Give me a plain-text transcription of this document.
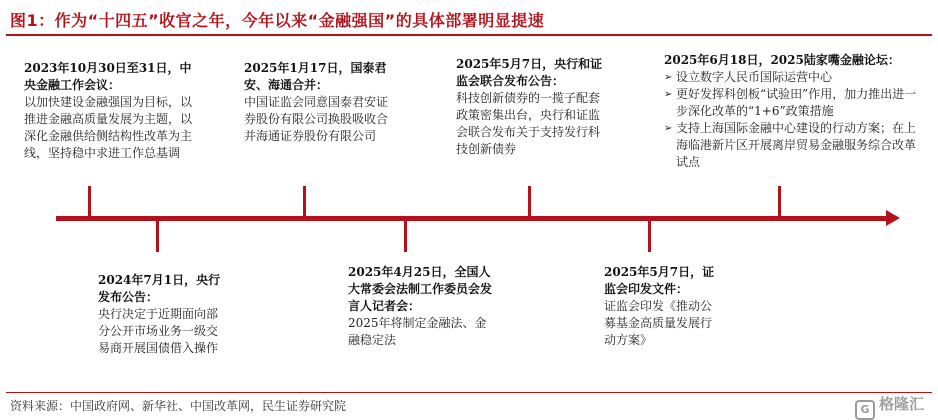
图1：作为“十四五”收官之年，今年以来“金融强国”的具体部署明显提速
2023年10月30日至31日，中央金融工作会议：
以加快建设金融强国为目标，以推进金融高质量发展为主题，以深化金融供给侧结构性改革为主线，坚持稳中求进工作总基调
2025年1月17日，国泰君安、海通合并：
中国证监会同意国泰君安证券股份有限公司换股吸收合并海通证券股份有限公司
2025年5月7日，央行和证监会联合发布公告：
科技创新债券的一揽子配套政策密集出台，央行和证监会联合发布关于支持发行科技创新债券
2025年6月18日，2025陆家嘴金融论坛：
➢ 设立数字人民币国际运营中心
➢ 更好发挥科创板“试验田”作用，加力推出进一步深化改革的“1+6”政策措施
➢ 支持上海国际金融中心建设的行动方案；在上海临港新片区开展离岸贸易金融服务综合改革试点
2024年7月1日，央行发布公告：
央行决定于近期面向部分公开市场业务一级交易商开展国债借入操作
2025年4月25日，全国人大常委会法制工作委员会发言人记者会：
2025年将制定金融法、金融稳定法
2025年5月7日，证监会印发文件：
证监会印发《推动公募基金高质量发展行动方案》
资料来源：中国政府网、新华社、中国改革网，民生证券研究院	G 格隆汇
